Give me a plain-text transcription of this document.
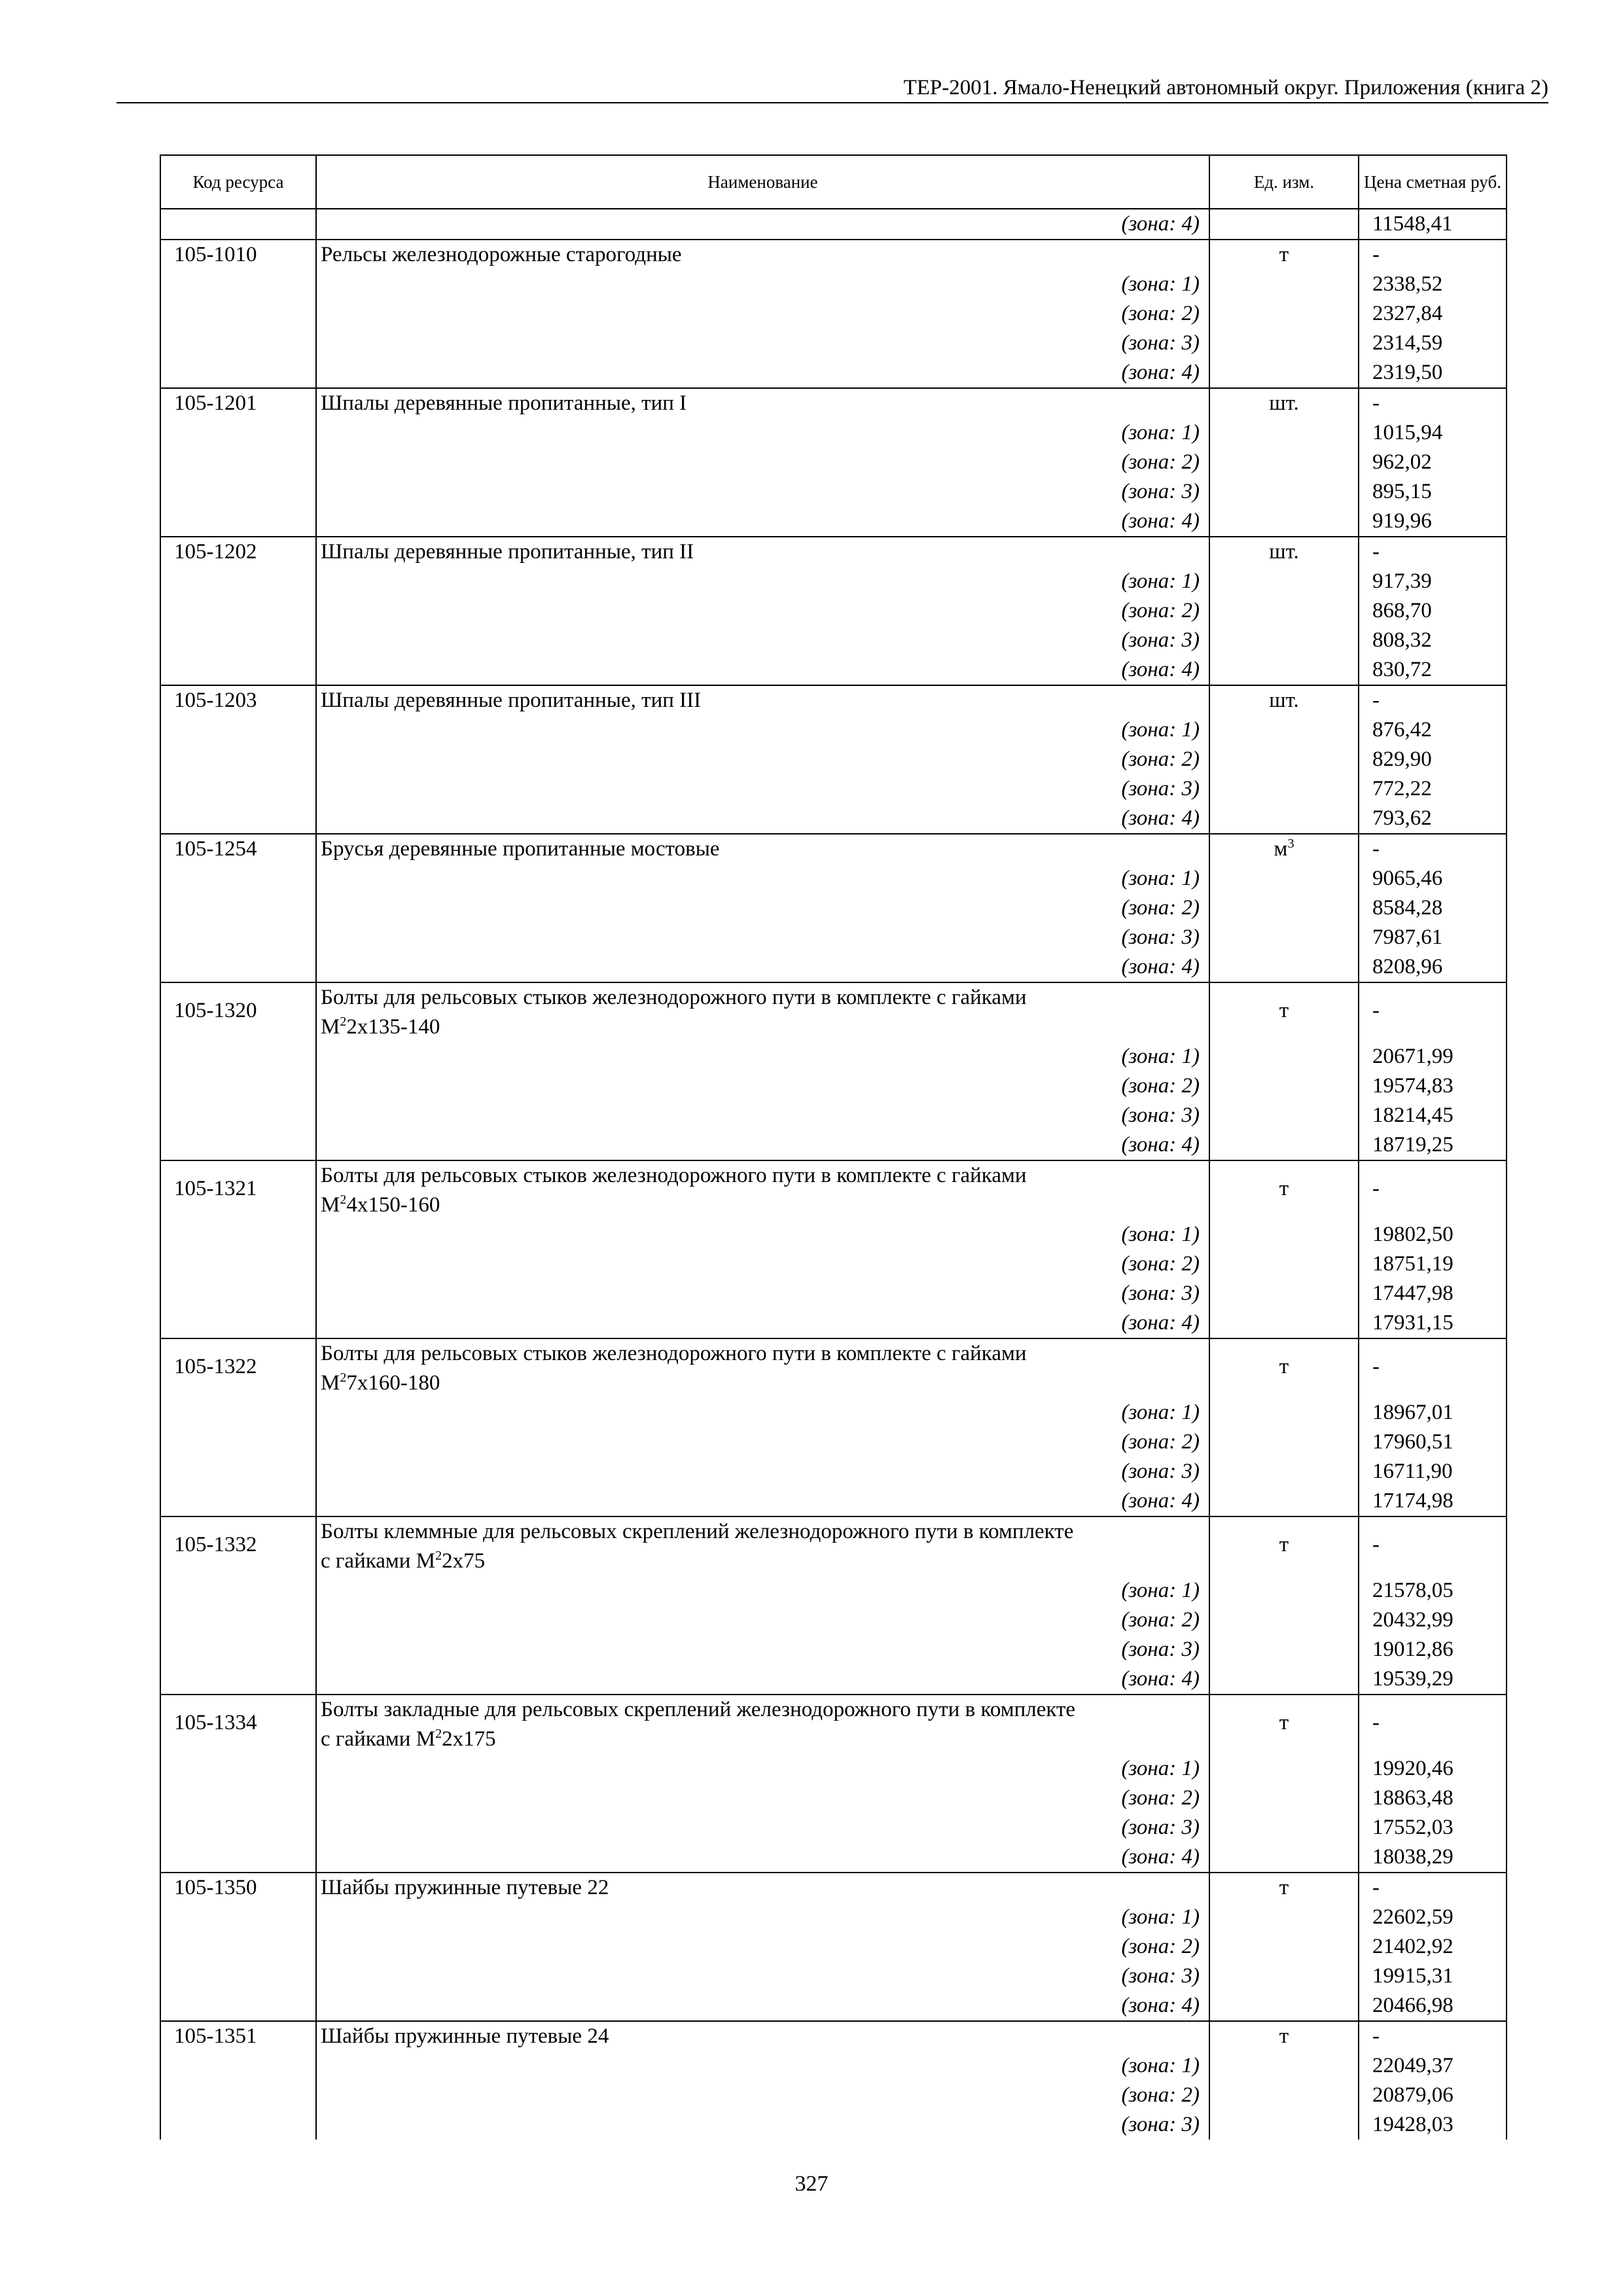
ТЕР-2001. Ямало-Ненецкий автономный округ. Приложения (книга 2)
Код ресурса	Наименование	Ед. изм.	Цена сметная руб.
	(зона: 4)		11548,41
105-1010	Рельсы железнодорожные старогодные	т	-
	(зона: 1)		2338,52
	(зона: 2)		2327,84
	(зона: 3)		2314,59
	(зона: 4)		2319,50
105-1201	Шпалы деревянные пропитанные, тип I	шт.	-
	(зона: 1)		1015,94
	(зона: 2)		962,02
	(зона: 3)		895,15
	(зона: 4)		919,96
105-1202	Шпалы деревянные пропитанные, тип II	шт.	-
	(зона: 1)		917,39
	(зона: 2)		868,70
	(зона: 3)		808,32
	(зона: 4)		830,72
105-1203	Шпалы деревянные пропитанные, тип III	шт.	-
	(зона: 1)		876,42
	(зона: 2)		829,90
	(зона: 3)		772,22
	(зона: 4)		793,62
105-1254	Брусья деревянные пропитанные мостовые	$м^3$	-
	(зона: 1)		9065,46
	(зона: 2)		8584,28
	(зона: 3)		7987,61
	(зона: 4)		8208,96
105-1320	Болты для рельсовых стыков железнодорожного пути в комплекте с гайками
$М^22х135-140$	т	-
	(зона: 1)		20671,99
	(зона: 2)		19574,83
	(зона: 3)		18214,45
	(зона: 4)		18719,25
105-1321	Болты для рельсовых стыков железнодорожного пути в комплекте с гайками
$М^24х150-160$	т	-
	(зона: 1)		19802,50
	(зона: 2)		18751,19
	(зона: 3)		17447,98
	(зона: 4)		17931,15
105-1322	Болты для рельсовых стыков железнодорожного пути в комплекте с гайками
$М^27х160-180$	т	-
	(зона: 1)		18967,01
	(зона: 2)		17960,51
	(зона: 3)		16711,90
	(зона: 4)		17174,98
105-1332	Болты клеммные для рельсовых скреплений железнодорожного пути в комплекте
с гайками $М^22х75$	т	-
	(зона: 1)		21578,05
	(зона: 2)		20432,99
	(зона: 3)		19012,86
	(зона: 4)		19539,29
105-1334	Болты закладные для рельсовых скреплений железнодорожного пути в комплекте
с гайками $М^22х175$	т	-
	(зона: 1)		19920,46
	(зона: 2)		18863,48
	(зона: 3)		17552,03
	(зона: 4)		18038,29
105-1350	Шайбы пружинные путевые 22	т	-
	(зона: 1)		22602,59
	(зона: 2)		21402,92
	(зона: 3)		19915,31
	(зона: 4)		20466,98
105-1351	Шайбы пружинные путевые 24	т	-
	(зона: 1)		22049,37
	(зона: 2)		20879,06
	(зона: 3)		19428,03
327
